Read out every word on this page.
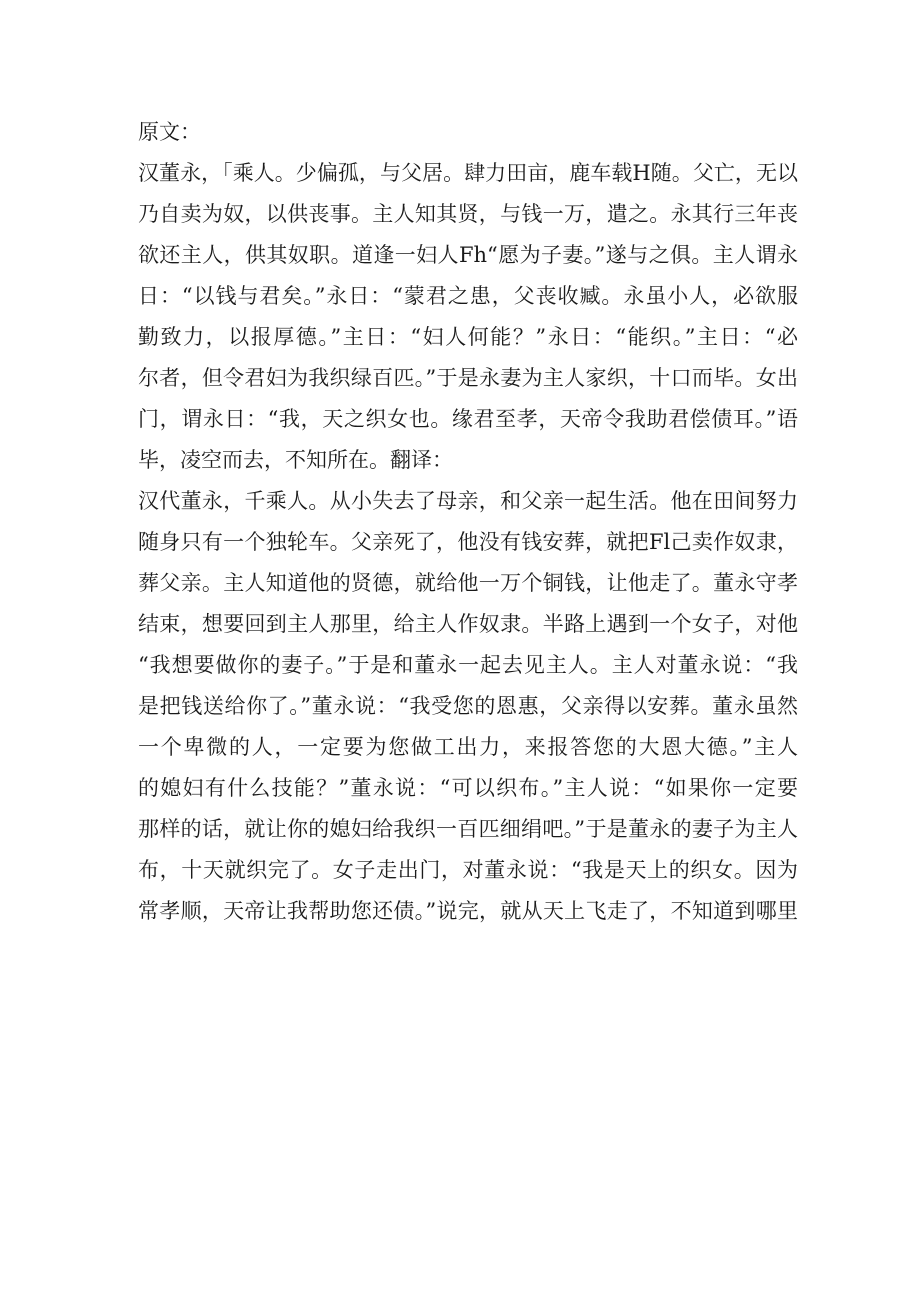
原文：
汉董永，「乘人。少偏孤，与父居。肆力田亩，鹿车载H随。父亡，无以
乃自卖为奴，以供丧事。主人知其贤，与钱一万，遣之。永其行三年丧
欲还主人，供其奴职。道逢一妇人Fh“愿为子妻。”遂与之俱。主人谓永
日：“以钱与君矣。”永日：“蒙君之患，父丧收臧。永虽小人，必欲服
勤致力，以报厚德。”主日：“妇人何能？”永日：“能织。”主日：“必
尔者，但令君妇为我织绿百匹。”于是永妻为主人家织，十口而毕。女出
门，谓永日：“我，天之织女也。缘君至孝，天帝令我助君偿债耳。”语
毕，凌空而去，不知所在。翻译：
汉代董永，千乘人。从小失去了母亲，和父亲一起生活。他在田间努力
随身只有一个独轮车。父亲死了，他没有钱安葬，就把Fl己卖作奴隶，
葬父亲。主人知道他的贤德，就给他一万个铜钱，让他走了。董永守孝
结束，想要回到主人那里，给主人作奴隶。半路上遇到一个女子，对他
“我想要做你的妻子。”于是和董永一起去见主人。主人对董永说：“我
是把钱送给你了。”董永说：“我受您的恩惠，父亲得以安葬。董永虽然
一个卑微的人，一定要为您做工出力，来报答您的大恩大德。”主人
的媳妇有什么技能？”董永说：“可以织布。”主人说：“如果你一定要
那样的话，就让你的媳妇给我织一百匹细绢吧。”于是董永的妻子为主人
布，十天就织完了。女子走出门，对董永说：“我是天上的织女。因为
常孝顺，天帝让我帮助您还债。”说完，就从天上飞走了，不知道到哪里
